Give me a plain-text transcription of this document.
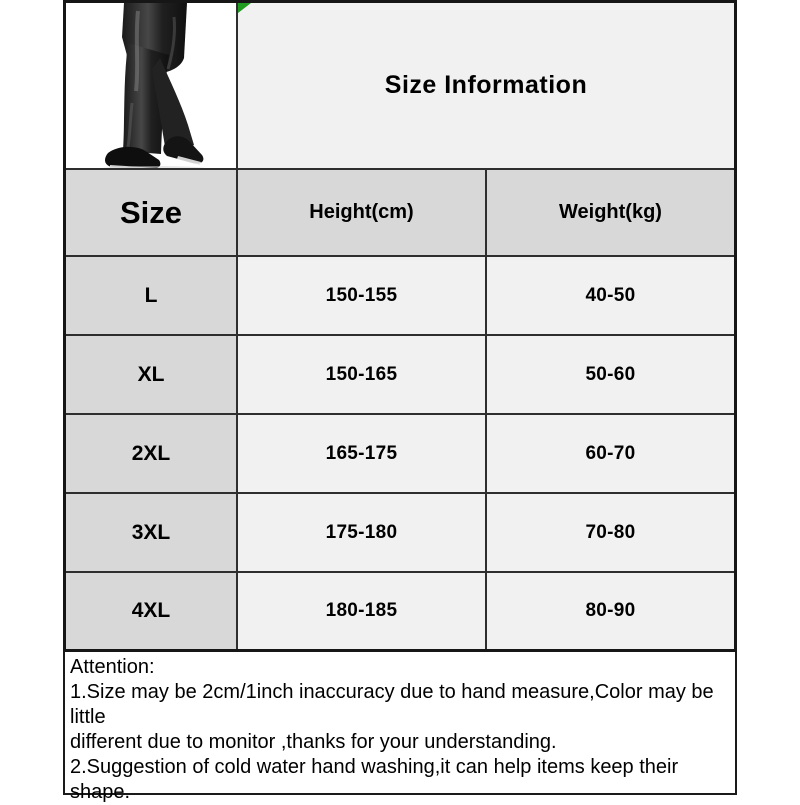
Size Information
Size	Height(cm)	Weight(kg)
L	150-155	40-50
XL	150-165	50-60
2XL	165-175	60-70
3XL	175-180	70-80
4XL	180-185	80-90
Attention:
1.Size may be 2cm/1inch inaccuracy due to hand measure,Color may be little
different due to monitor ,thanks for your understanding.
2.Suggestion of cold water hand washing,it can help items keep their shape.
